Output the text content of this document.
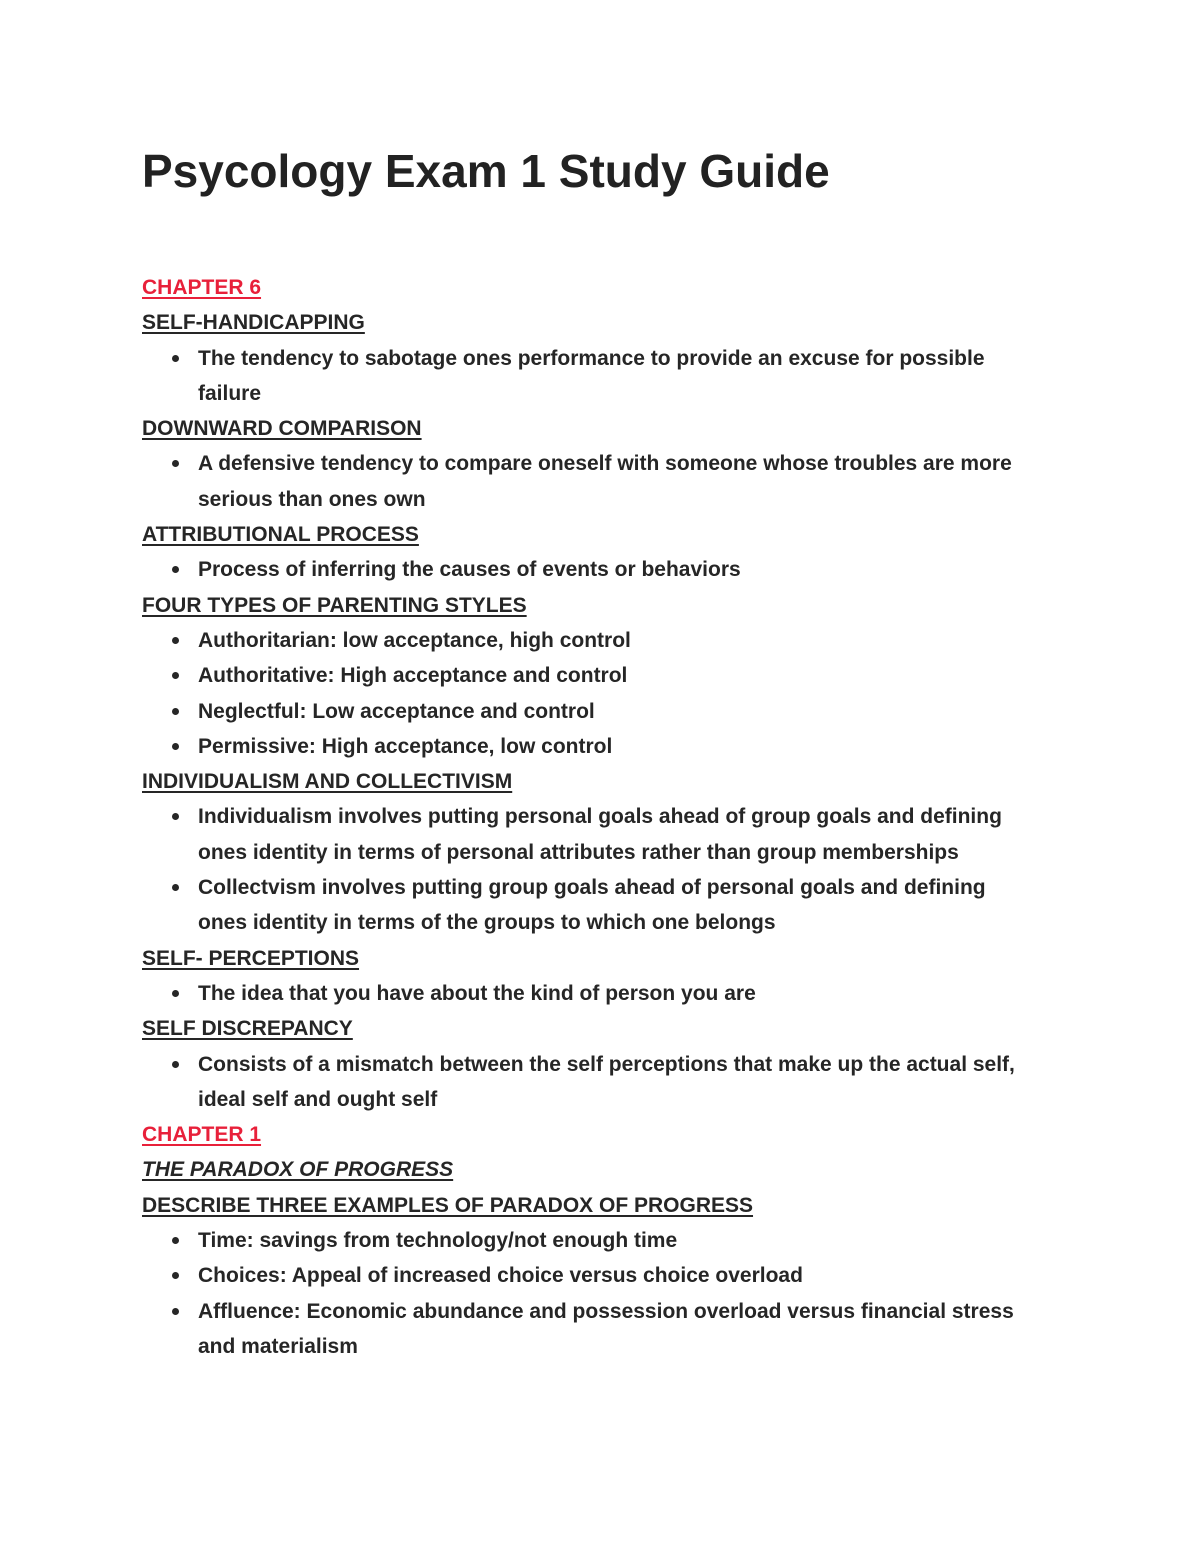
Psycology Exam 1 Study Guide
CHAPTER 6
SELF-HANDICAPPING
The tendency to sabotage ones performance to provide an excuse for possible failure
DOWNWARD COMPARISON
A defensive tendency to compare oneself with someone whose troubles are more serious than ones own
ATTRIBUTIONAL PROCESS
Process of inferring the causes of events or behaviors
FOUR TYPES OF PARENTING STYLES
Authoritarian: low acceptance, high control
Authoritative: High acceptance and control
Neglectful: Low acceptance and control
Permissive: High acceptance, low control
INDIVIDUALISM AND COLLECTIVISM
Individualism involves putting personal goals ahead of group goals and defining ones identity in terms of personal attributes rather than group memberships
Collectvism involves putting group goals ahead of personal goals and defining ones identity in terms of the groups to which one belongs
SELF- PERCEPTIONS
The idea that you have about the kind of person you are
SELF DISCREPANCY
Consists of a mismatch between the self perceptions that make up the actual self, ideal self and ought self
CHAPTER 1
THE PARADOX OF PROGRESS
DESCRIBE THREE EXAMPLES OF PARADOX OF PROGRESS
Time: savings from technology/not enough time
Choices: Appeal of increased choice versus choice overload
Affluence: Economic abundance and possession overload versus financial stress and materialism
